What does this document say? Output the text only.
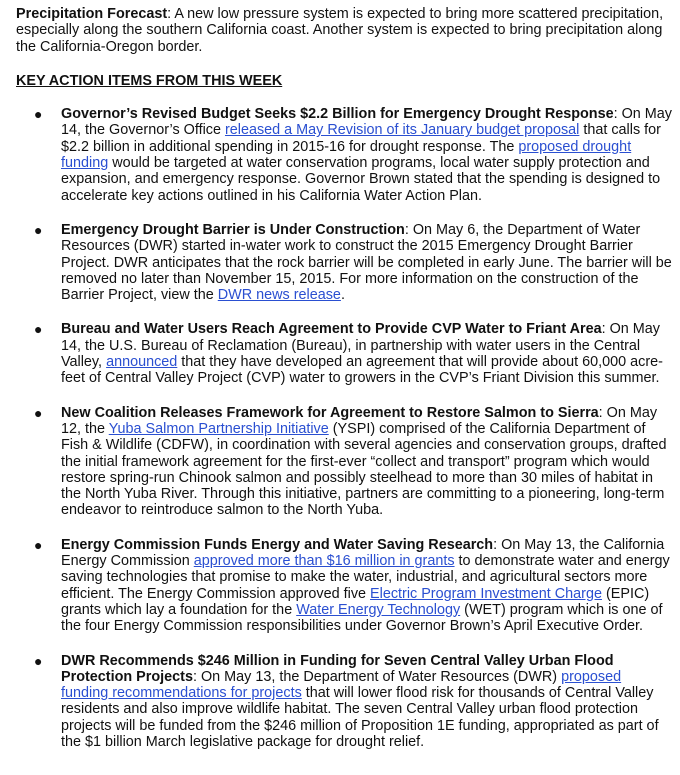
Precipitation Forecast: A new low pressure system is expected to bring more scattered precipitation, especially along the southern California coast. Another system is expected to bring precipitation along the California-Oregon border.

KEY ACTION ITEMS FROM THIS WEEK
● Governor’s Revised Budget Seeks $2.2 Billion for Emergency Drought Response: On May 14, the Governor’s Office released a May Revision of its January budget proposal that calls for $2.2 billion in additional spending in 2015-16 for drought response. The proposed drought funding would be targeted at water conservation programs, local water supply protection and expansion, and emergency response. Governor Brown stated that the spending is designed to accelerate key actions outlined in his California Water Action Plan.
● Emergency Drought Barrier is Under Construction: On May 6, the Department of Water Resources (DWR) started in-water work to construct the 2015 Emergency Drought Barrier Project. DWR anticipates that the rock barrier will be completed in early June. The barrier will be removed no later than November 15, 2015. For more information on the construction of the Barrier Project, view the DWR news release.
● Bureau and Water Users Reach Agreement to Provide CVP Water to Friant Area: On May 14, the U.S. Bureau of Reclamation (Bureau), in partnership with water users in the Central Valley, announced that they have developed an agreement that will provide about 60,000 acre-feet of Central Valley Project (CVP) water to growers in the CVP’s Friant Division this summer.
● New Coalition Releases Framework for Agreement to Restore Salmon to Sierra: On May 12, the Yuba Salmon Partnership Initiative (YSPI) comprised of the California Department of Fish & Wildlife (CDFW), in coordination with several agencies and conservation groups, drafted the initial framework agreement for the first-ever “collect and transport” program which would restore spring-run Chinook salmon and possibly steelhead to more than 30 miles of habitat in the North Yuba River. Through this initiative, partners are committing to a pioneering, long-term endeavor to reintroduce salmon to the North Yuba.
● Energy Commission Funds Energy and Water Saving Research: On May 13, the California Energy Commission approved more than $16 million in grants to demonstrate water and energy saving technologies that promise to make the water, industrial, and agricultural sectors more efficient. The Energy Commission approved five Electric Program Investment Charge (EPIC) grants which lay a foundation for the Water Energy Technology (WET) program which is one of the four Energy Commission responsibilities under Governor Brown’s April Executive Order.
● DWR Recommends $246 Million in Funding for Seven Central Valley Urban Flood Protection Projects: On May 13, the Department of Water Resources (DWR) proposed funding recommendations for projects that will lower flood risk for thousands of Central Valley residents and also improve wildlife habitat. The seven Central Valley urban flood protection projects will be funded from the $246 million of Proposition 1E funding, appropriated as part of the $1 billion March legislative package for drought relief.
